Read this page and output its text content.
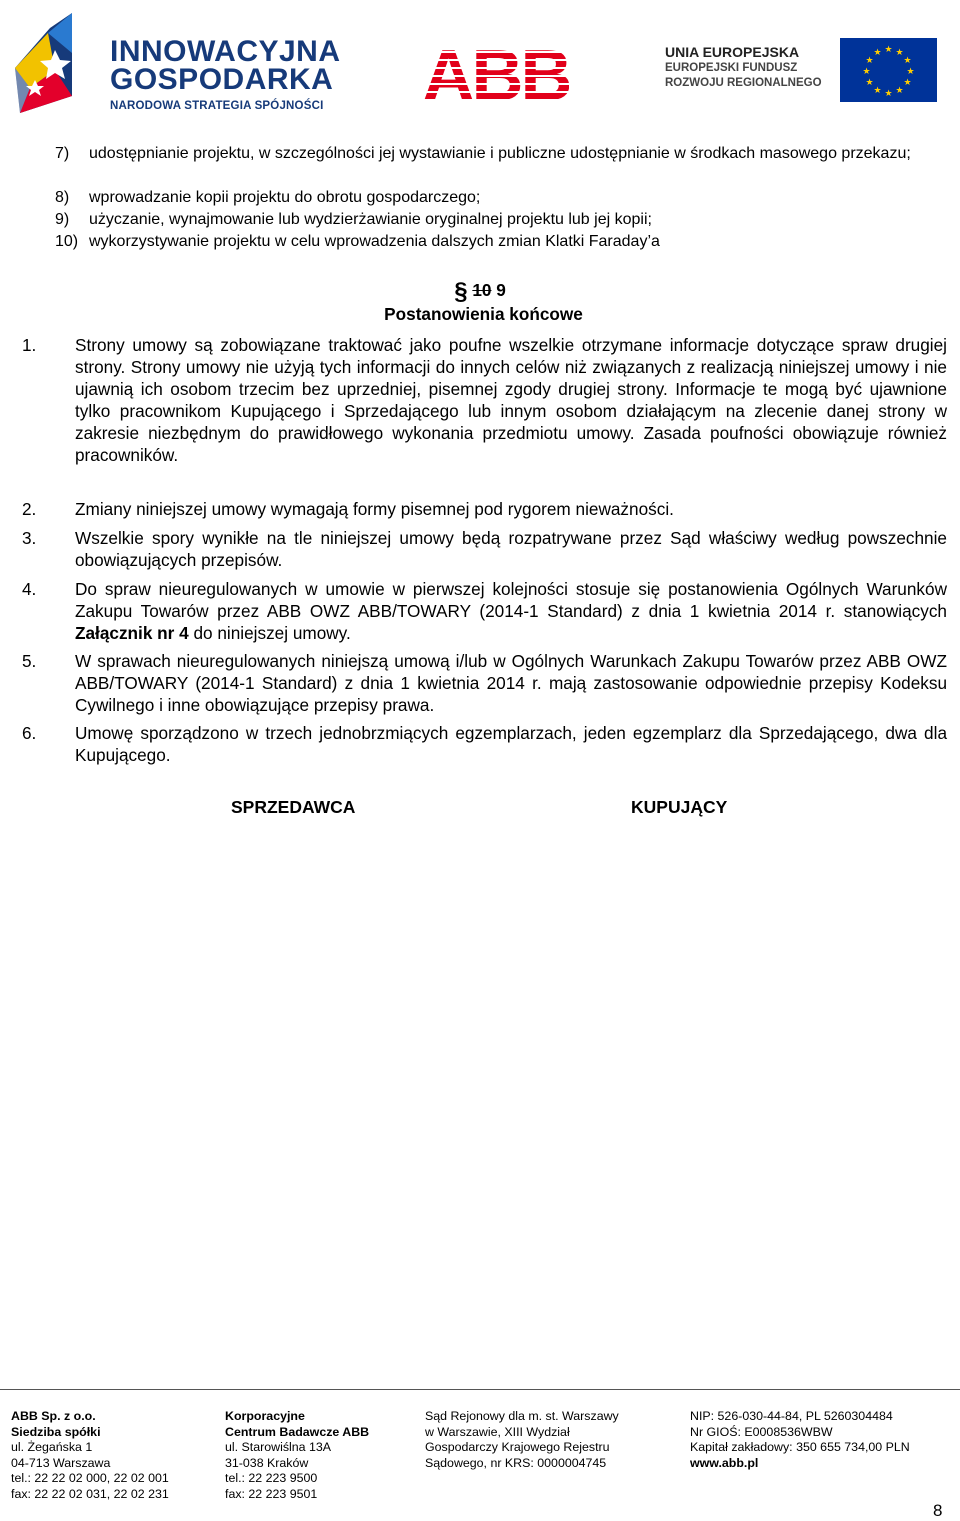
INNOWACYJNA
GOSPODARKA
NARODOWA STRATEGIA SPÓJNOŚCI ABB	UNIA EUROPEJSKA
EUROPEJSKI FUNDUSZ
ROZWOJU REGIONALNEGO
★ ★
★
★
★
★
★
★
★
★
★
★
7) udostępnianie projektu, w szczególności jej wystawianie i publiczne udostępnianie w środkach masowego przekazu;
8) wprowadzanie kopii projektu do obrotu gospodarczego;
9) użyczanie, wynajmowanie lub wydzierżawianie oryginalnej projektu lub jej kopii;
10) wykorzystywanie projektu w celu wprowadzenia dalszych zmian Klatki Faraday’a
§ 10 9
Postanowienia końcowe
1. Strony umowy są zobowiązane traktować jako poufne wszelkie otrzymane informacje dotyczące spraw drugiej strony. Strony umowy nie użyją tych informacji do innych celów niż związanych z realizacją niniejszej umowy i nie ujawnią ich osobom trzecim bez uprzedniej, pisemnej zgody drugiej strony. Informacje te mogą być ujawnione tylko pracownikom Kupującego i Sprzedającego lub innym osobom działającym na zlecenie danej strony w zakresie niezbędnym do prawidłowego wykonania przedmiotu umowy. Zasada poufności obowiązuje również pracowników.
2. Zmiany niniejszej umowy wymagają formy pisemnej pod rygorem nieważności.
3. Wszelkie spory wynikłe na tle niniejszej umowy będą rozpatrywane przez Sąd właściwy według powszechnie obowiązujących przepisów.
4. Do spraw nieuregulowanych w umowie w pierwszej kolejności stosuje się postanowienia Ogólnych Warunków Zakupu Towarów przez ABB OWZ ABB/TOWARY (2014-1 Standard) z dnia 1 kwietnia 2014 r. stanowiących Załącznik nr 4 do niniejszej umowy.
5. W sprawach nieuregulowanych niniejszą umową i/lub w Ogólnych Warunkach Zakupu Towarów przez ABB OWZ ABB/TOWARY (2014-1 Standard) z dnia 1 kwietnia 2014 r. mają zastosowanie odpowiednie przepisy Kodeksu Cywilnego i inne obowiązujące przepisy prawa.
6. Umowę sporządzono w trzech jednobrzmiących egzemplarzach, jeden egzemplarz dla Sprzedającego, dwa dla Kupującego.
SPRZEDAWCA	KUPUJĄCY
ABB Sp. z o.o.
Siedziba spółki
ul. Żegańska 1
04-713 Warszawa
tel.: 22 22 02 000, 22 02 001
fax: 22 22 02 031, 22 02 231
Korporacyjne
Centrum Badawcze ABB
ul. Starowiślna 13A
31-038 Kraków
tel.: 22 223 9500
fax: 22 223 9501
Sąd Rejonowy dla m. st. Warszawy
w Warszawie, XIII Wydział
Gospodarczy Krajowego Rejestru
Sądowego, nr KRS: 0000004745
NIP: 526-030-44-84, PL 5260304484
Nr GIOŚ: E0008536WBW
Kapitał zakładowy: 350 655 734,00 PLN
www.abb.pl
8
